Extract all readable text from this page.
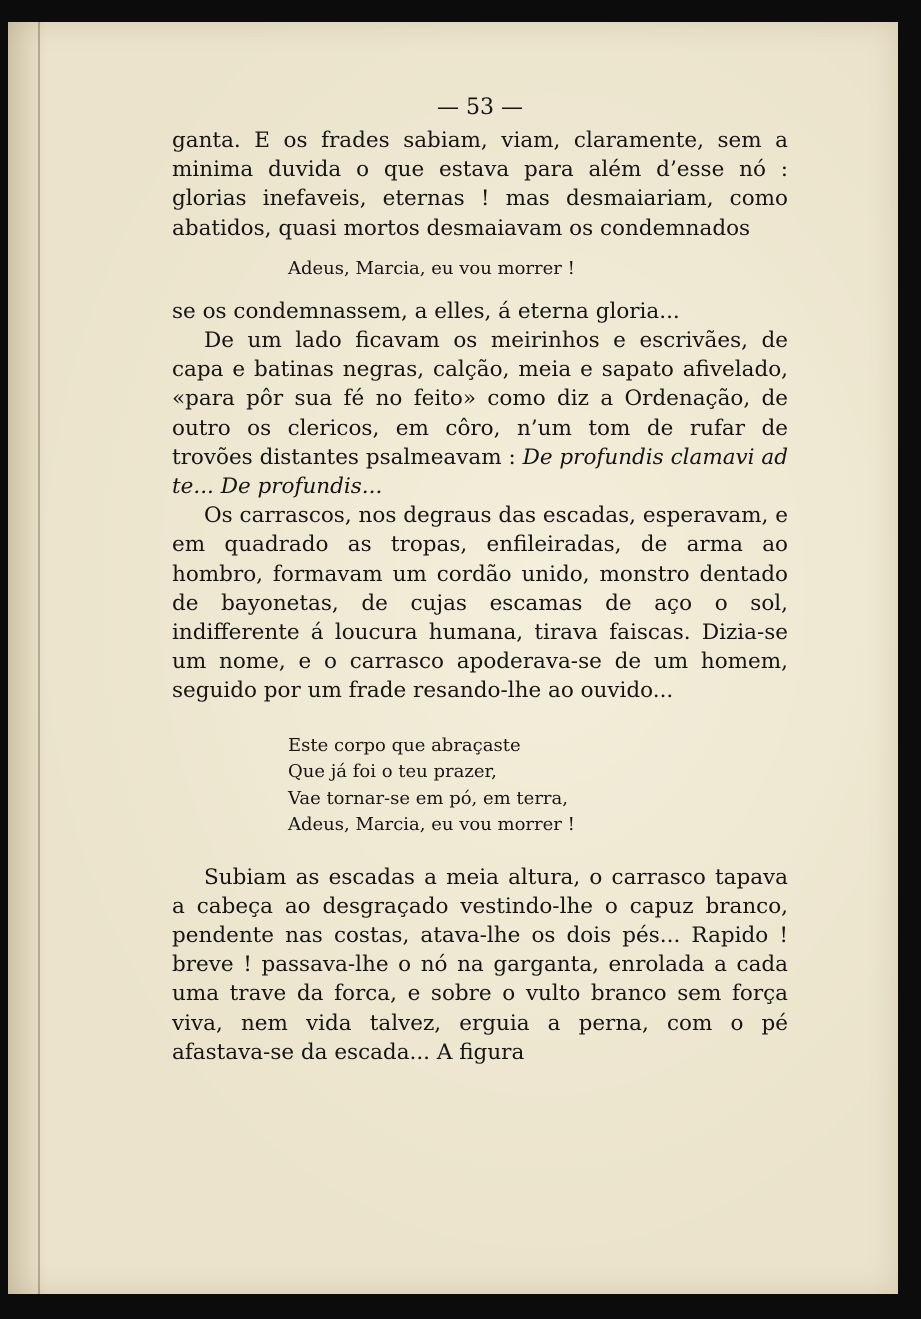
— 53 —

ganta. E os frades sabiam, viam, claramente, sem a minima duvida o que estava para além d’esse nó : glorias inefaveis, eternas ! mas desmaiariam, como abatidos, quasi mortos desmaiavam os condemnados

Adeus, Marcia, eu vou morrer !

se os condemnassem, a elles, á eterna gloria...

De um lado ficavam os meirinhos e escrivães, de capa e batinas negras, calção, meia e sapato afivelado, «para pôr sua fé no feito» como diz a Ordenação, de outro os clericos, em côro, n’um tom de rufar de trovões distantes psalmeavam : De profundis clamavi ad te... De profundis...

Os carrascos, nos degraus das escadas, esperavam, e em quadrado as tropas, enfileiradas, de arma ao hombro, formavam um cordão unido, monstro dentado de bayonetas, de cujas escamas de aço o sol, indifferente á loucura humana, tirava faiscas. Dizia-se um nome, e o carrasco apoderava-se de um homem, seguido por um frade resando-lhe ao ouvido...

Este corpo que abraçaste
Que já foi o teu prazer,
Vae tornar-se em pó, em terra,
Adeus, Marcia, eu vou morrer !

Subiam as escadas a meia altura, o carrasco tapava a cabeça ao desgraçado vestindo-lhe o capuz branco, pendente nas costas, atava-lhe os dois pés... Rapido ! breve ! passava-lhe o nó na garganta, enrolada a cada uma trave da forca, e sobre o vulto branco sem força viva, nem vida talvez, erguia a perna, com o pé afastava-se da escada... A figura
